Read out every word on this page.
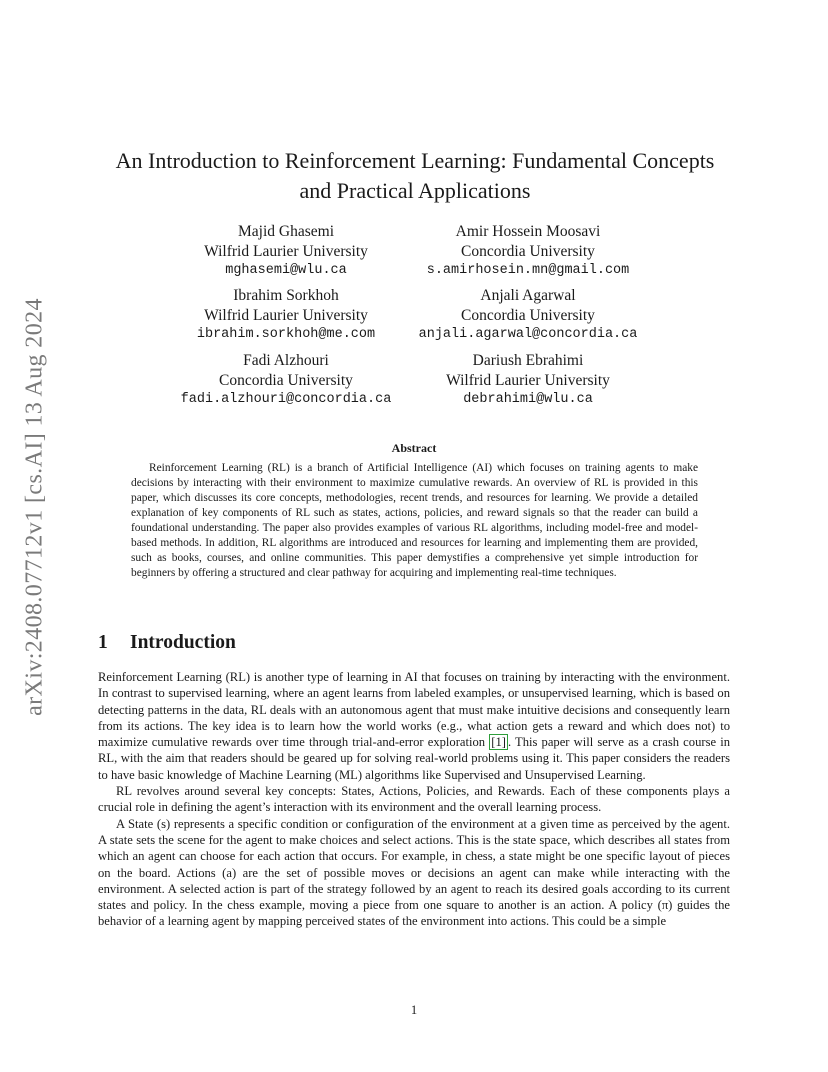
arXiv:2408.07712v1 [cs.AI] 13 Aug 2024
An Introduction to Reinforcement Learning: Fundamental Concepts and Practical Applications
Majid Ghasemi
Wilfrid Laurier University
mghasemi@wlu.ca
Amir Hossein Moosavi
Concordia University
s.amirhosein.mn@gmail.com
Ibrahim Sorkhoh
Wilfrid Laurier University
ibrahim.sorkhoh@me.com
Anjali Agarwal
Concordia University
anjali.agarwal@concordia.ca
Fadi Alzhouri
Concordia University
fadi.alzhouri@concordia.ca
Dariush Ebrahimi
Wilfrid Laurier University
debrahimi@wlu.ca
Abstract

Reinforcement Learning (RL) is a branch of Artificial Intelligence (AI) which focuses on training agents to make decisions by interacting with their environment to maximize cumulative rewards. An overview of RL is provided in this paper, which discusses its core concepts, methodologies, recent trends, and resources for learning. We provide a detailed explanation of key components of RL such as states, actions, policies, and reward signals so that the reader can build a foundational understanding. The paper also provides examples of various RL algorithms, including model-free and model-based methods. In addition, RL algorithms are introduced and resources for learning and implementing them are provided, such as books, courses, and online communities. This paper demystifies a comprehensive yet simple introduction for beginners by offering a structured and clear pathway for acquiring and implementing real-time techniques.

1 Introduction

Reinforcement Learning (RL) is another type of learning in AI that focuses on training by interacting with the environment. In contrast to supervised learning, where an agent learns from labeled examples, or unsupervised learning, which is based on detecting patterns in the data, RL deals with an autonomous agent that must make intuitive decisions and consequently learn from its actions. The key idea is to learn how the world works (e.g., what action gets a reward and which does not) to maximize cumulative rewards over time through trial-and-error exploration [1] . This paper will serve as a crash course in RL, with the aim that readers should be geared up for solving real-world problems using it. This paper considers the readers to have basic knowledge of Machine Learning (ML) algorithms like Supervised and Unsupervised Learning.

RL revolves around several key concepts: States, Actions, Policies, and Rewards. Each of these components plays a crucial role in defining the agent’s interaction with its environment and the overall learning process.

A State (s) represents a specific condition or configuration of the environment at a given time as perceived by the agent. A state sets the scene for the agent to make choices and select actions. This is the state space, which describes all states from which an agent can choose for each action that occurs. For example, in chess, a state might be one specific layout of pieces on the board. Actions (a) are the set of possible moves or decisions an agent can make while interacting with the environment. A selected action is part of the strategy followed by an agent to reach its desired goals according to its current states and policy. In the chess example, moving a piece from one square to another is an action. A policy (π) guides the behavior of a learning agent by mapping perceived states of the environment into actions. This could be a simple

1
